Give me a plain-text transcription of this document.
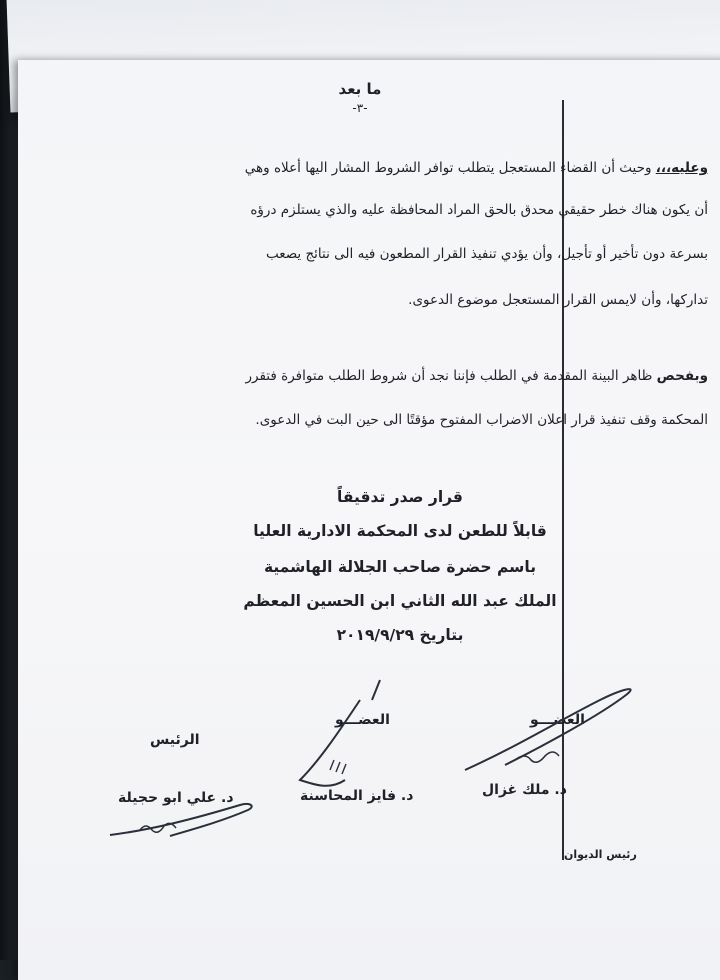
ما بعد
-٣-
وعليه،،، وحيث أن القضاء المستعجل يتطلب توافر الشروط المشار اليها أعلاه وهي
أن يكون هناك خطر حقيقي محدق بالحق المراد المحافظة عليه والذي يستلزم درؤه
بسرعة دون تأخير أو تأجيل، وأن يؤدي تنفيذ القرار المطعون فيه الى نتائج يصعب
تداركها، وأن لايمس القرار المستعجل موضوع الدعوى.
وبفحص ظاهر البينة المقدمة في الطلب فإننا نجد أن شروط الطلب متوافرة فتقرر
المحكمة وقف تنفيذ قرار اعلان الاضراب المفتوح مؤقتًا الى حين البت في الدعوى.
قرار صدر تدقيقاً
قابلاً للطعن لدى المحكمة الادارية العليا
باسم حضرة صاحب الجلالة الهاشمية
الملك عبد الله الثاني ابن الحسين المعظم
بتاريخ ٢٠١٩/٩/٢٩
الرئيس
العضـــو	العضـــو
د. علي ابو حجيلة	د. فايز المحاسنة	د. ملك غزال
رئيس الديوان
